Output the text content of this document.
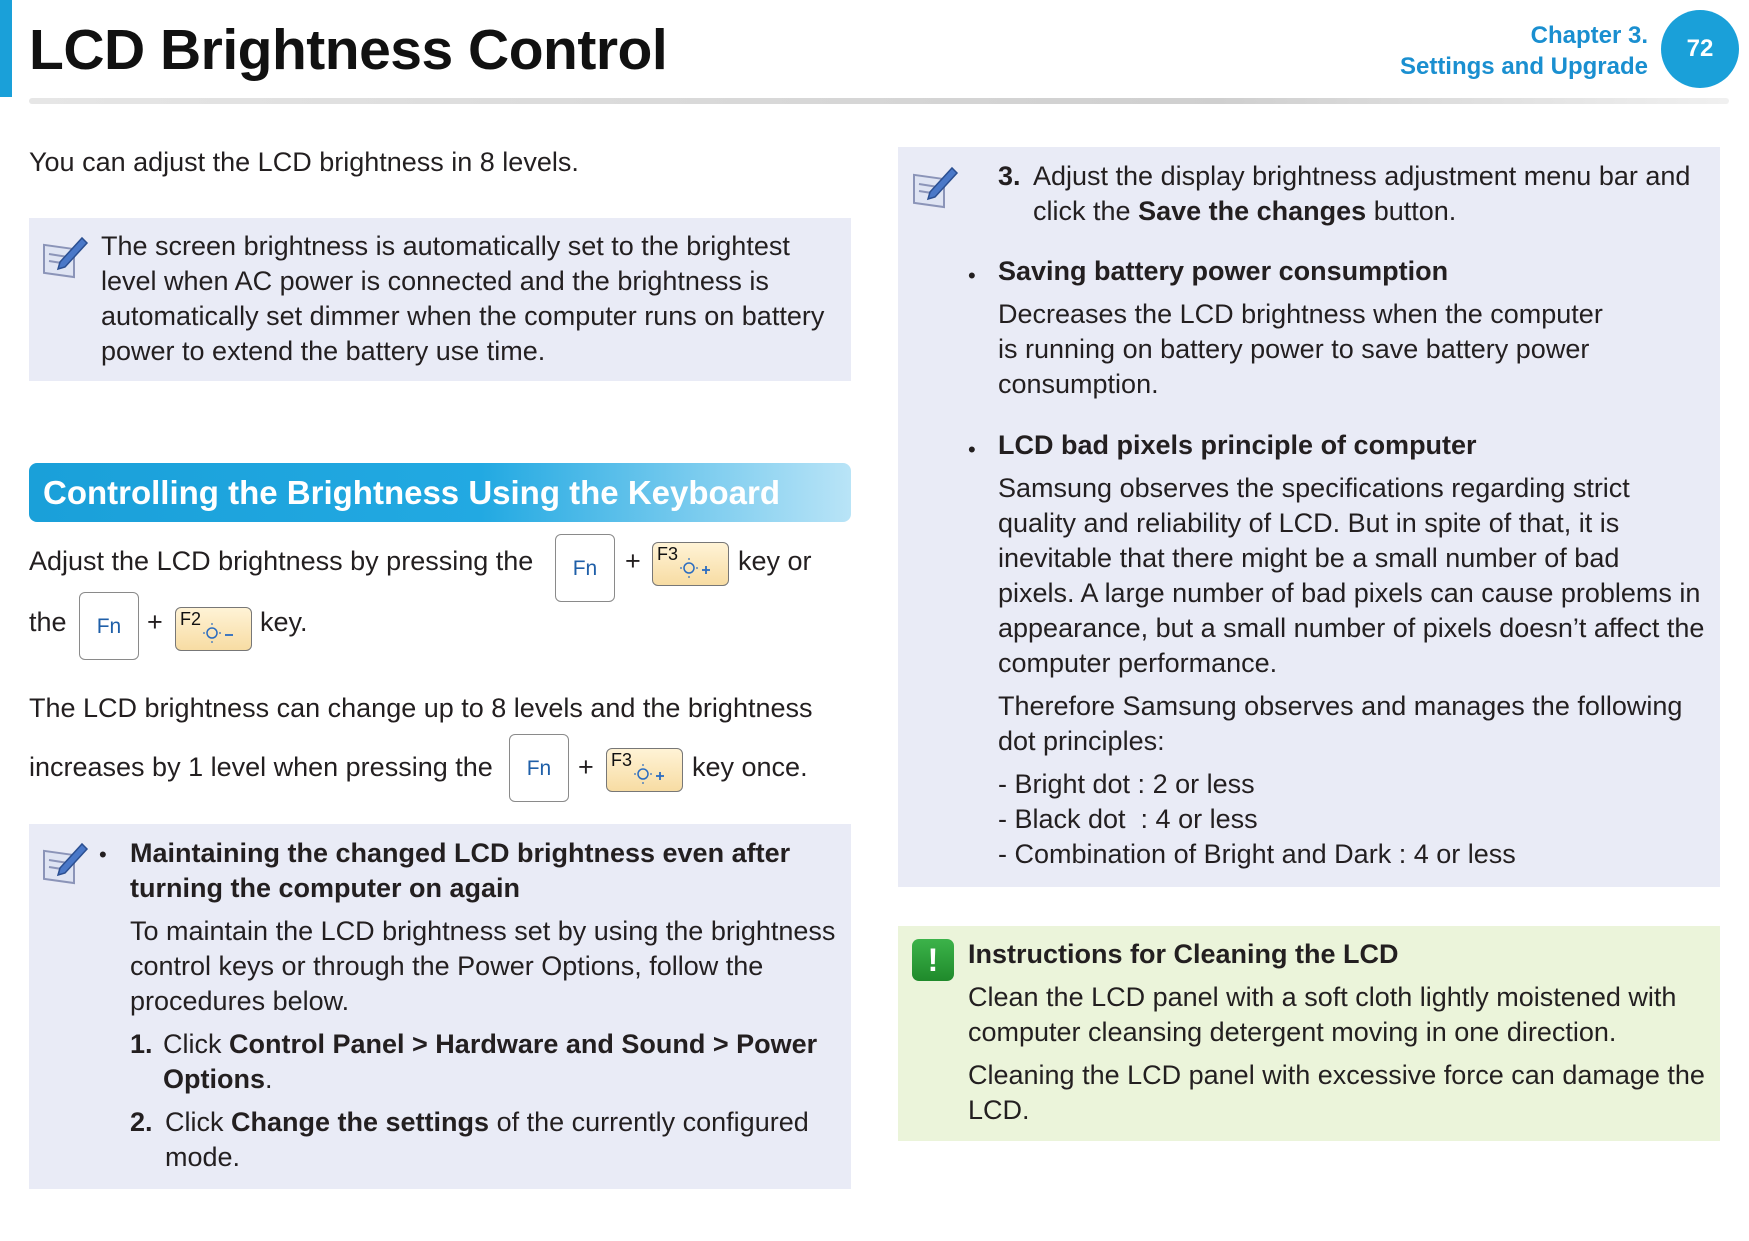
LCD Brightness Control	Chapter 3.
Settings and Upgrade
72
You can adjust the LCD brightness in 8 levels.
The screen brightness is automatically set to the brightest
level when AC power is connected and the brightness is
automatically set dimmer when the computer runs on battery
power to extend the battery use time.
Controlling the Brightness Using the Keyboard
Adjust the LCD brightness by pressing the	Fn	+ F3 key or
the	Fn + F2 key.
The LCD brightness can change up to 8 levels and the brightness
increases by 1 level when pressing the	Fn + F3 key once.
• Maintaining the changed LCD brightness even after
turning the computer on again
To maintain the LCD brightness set by using the brightness
control keys or through the Power Options, follow the
procedures below.
1. Click Control Panel > Hardware and Sound > Power
Options.
2. Click Change the settings of the currently configured
mode.
3. Adjust the display brightness adjustment menu bar and
click the Save the changes button.
• Saving battery power consumption
Decreases the LCD brightness when the computer
is running on battery power to save battery power
consumption.
• LCD bad pixels principle of computer
Samsung observes the specifications regarding strict
quality and reliability of LCD. But in spite of that, it is
inevitable that there might be a small number of bad
pixels. A large number of bad pixels can cause problems in
appearance, but a small number of pixels doesn’t affect the
computer performance.
Therefore Samsung observes and manages the following
dot principles:
- Bright dot : 2 or less
- Black dot  : 4 or less
- Combination of Bright and Dark : 4 or less
!	Instructions for Cleaning the LCD
Clean the LCD panel with a soft cloth lightly moistened with
computer cleansing detergent moving in one direction.
Cleaning the LCD panel with excessive force can damage the
LCD.
